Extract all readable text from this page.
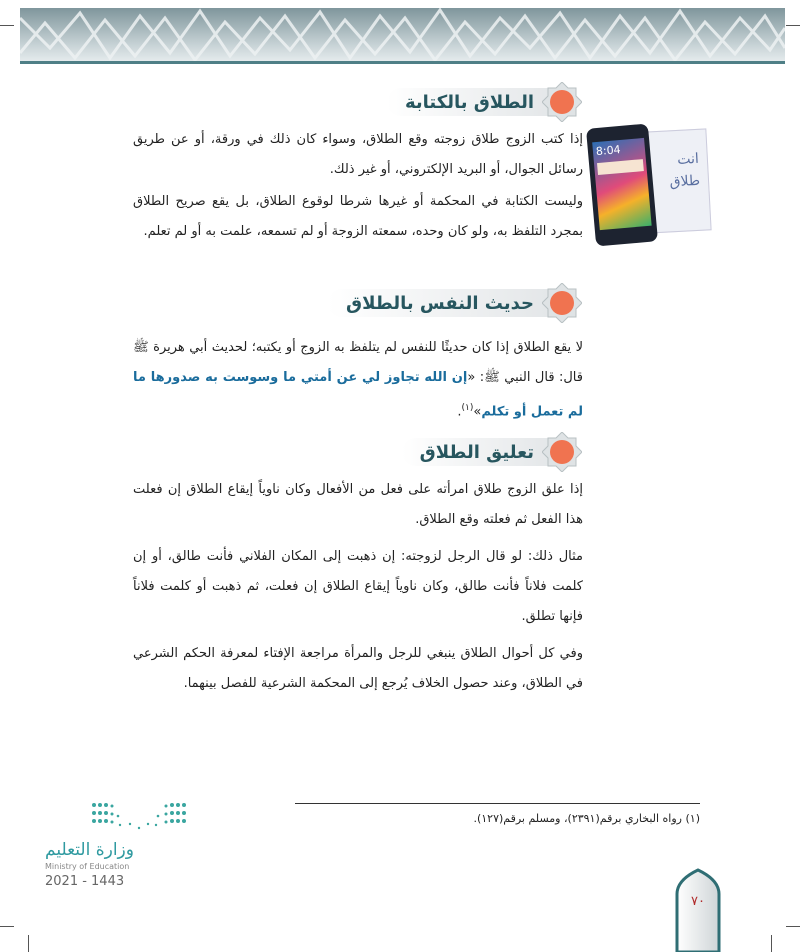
الطلاق بالكتابة

إذا كتب الزوج طلاق زوجته وقع الطلاق، وسواء كان ذلك في ورقة، أو عن طريق رسائل الجوال، أو البريد الإلكتروني، أو غير ذلك.

وليست الكتابة في المحكمة أو غيرها شرطا لوقوع الطلاق، بل يقع صريح الطلاق بمجرد التلفظ به، ولو كان وحده، سمعته الزوجة أو لم تسمعه، علمت به أو لم تعلم.

انت طلاق
8:04
حديث النفس بالطلاق

لا يقع الطلاق إذا كان حديثًا للنفس لم يتلفظ به الزوج أو يكتبه؛ لحديث أبي هريرة ﷺ قال: قال النبي ﷺ: «إن الله تجاوز لي عن أمتي ما وسوست به صدورها ما لم تعمل أو تكلم»$^{(١)}$.

تعليق الطلاق

إذا علق الزوج طلاق امرأته على فعل من الأفعال وكان ناوياً إيقاع الطلاق إن فعلت هذا الفعل ثم فعلته وقع الطلاق.

مثال ذلك: لو قال الرجل لزوجته: إن ذهبت إلى المكان الفلاني فأنت طالق، أو إن كلمت فلاناً فأنت طالق، وكان ناوياً إيقاع الطلاق إن فعلت، ثم ذهبت أو كلمت فلاناً فإنها تطلق.

وفي كل أحوال الطلاق ينبغي للرجل والمرأة مراجعة الإفتاء لمعرفة الحكم الشرعي في الطلاق، وعند حصول الخلاف يُرجع إلى المحكمة الشرعية للفصل بينهما.

(١) رواه البخاري برقم(٢٣٩١)، ومسلم برقم(١٢٧).
وزارة التعليم
Ministry of Education
2021 - 1443
٧٠
